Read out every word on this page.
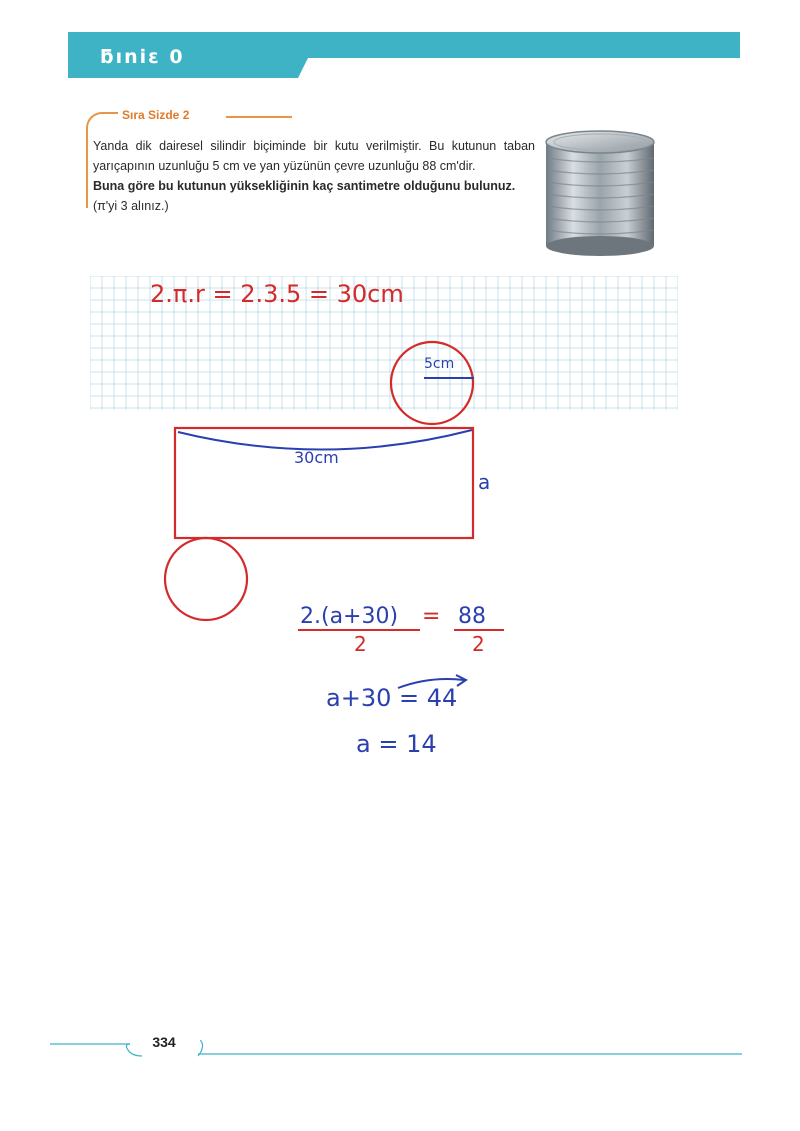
ƃını̇ɛ 0
Sıra Sizde 2

Yanda dik dairesel silindir biçiminde bir kutu verilmiştir. Bu kutunun taban yarıçapının uzunluğu 5 cm ve yan yüzünün çevre uzunluğu 88 cm'dir.

Buna göre bu kutunun yüksekliğinin kaç santimetre olduğunu bulunuz.

(π'yi 3 alınız.)

2.π.r = 2.3.5 = 30cm
5cm
30cm
a
2.(a+30) = 88
2	2
a+30 = 44
a = 14
334
